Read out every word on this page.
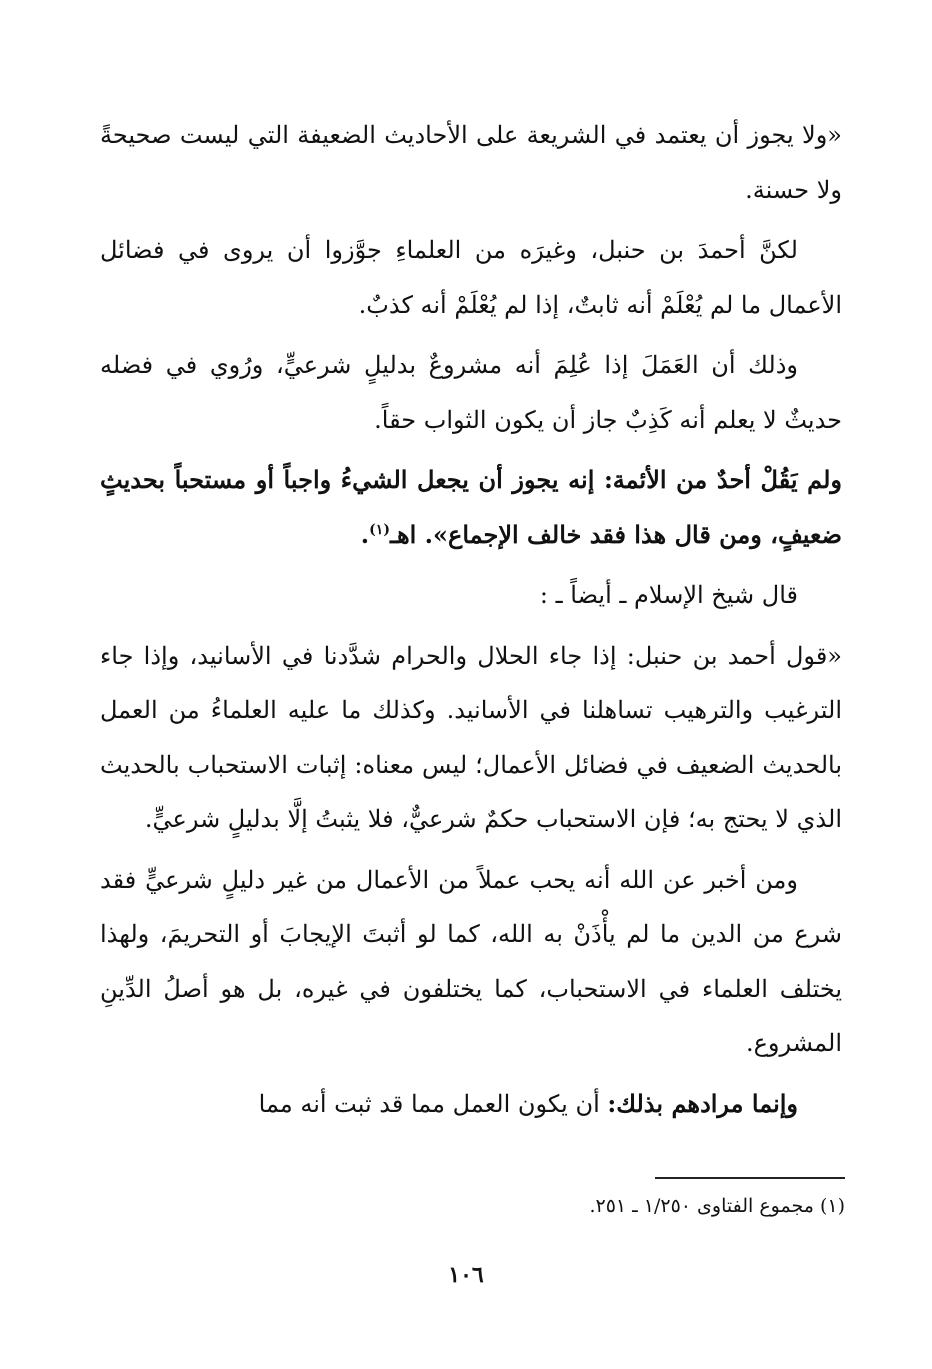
«ولا يجوز أن يعتمد في الشريعة على الأحاديث الضعيفة التي ليست صحيحةً ولا حسنة.

لكنَّ أحمدَ بن حنبل، وغيرَه من العلماءِ جوَّزوا أن يروى في فضائل الأعمال ما لم يُعْلَمْ أنه ثابتٌ، إذا لم يُعْلَمْ أنه كذبٌ.

وذلك أن العَمَلَ إذا عُلِمَ أنه مشروعٌ بدليلٍ شرعيٍّ، ورُوي في فضله حديثٌ لا يعلم أنه كَذِبٌ جاز أن يكون الثواب حقاً.

ولم يَقُلْ أحدٌ من الأئمة: إنه يجوز أن يجعل الشيءُ واجباً أو مستحباً بحديثٍ ضعيفٍ، ومن قال هذا فقد خالف الإجماع». اهـ$^{(١)}$.

قال شيخ الإسلام ـ أيضاً ـ :

«قول أحمد بن حنبل: إذا جاء الحلال والحرام شدَّدنا في الأسانيد، وإذا جاء الترغيب والترهيب تساهلنا في الأسانيد. وكذلك ما عليه العلماءُ من العمل بالحديث الضعيف في فضائل الأعمال؛ ليس معناه: إثبات الاستحباب بالحديث الذي لا يحتج به؛ فإن الاستحباب حكمٌ شرعيٌّ، فلا يثبتُ إلَّا بدليلٍ شرعيٍّ.

ومن أخبر عن الله أنه يحب عملاً من الأعمال من غير دليلٍ شرعيٍّ فقد شرع من الدين ما لم يأْذَنْ به الله، كما لو أثبتَ الإيجابَ أو التحريمَ، ولهذا يختلف العلماء في الاستحباب، كما يختلفون في غيره، بل هو أصلُ الدِّينِ المشروع.

وإنما مرادهم بذلك: أن يكون العمل مما قد ثبت أنه مما

(١) مجموع الفتاوى ١/٢٥٠ ـ ٢٥١.
١٠٦
